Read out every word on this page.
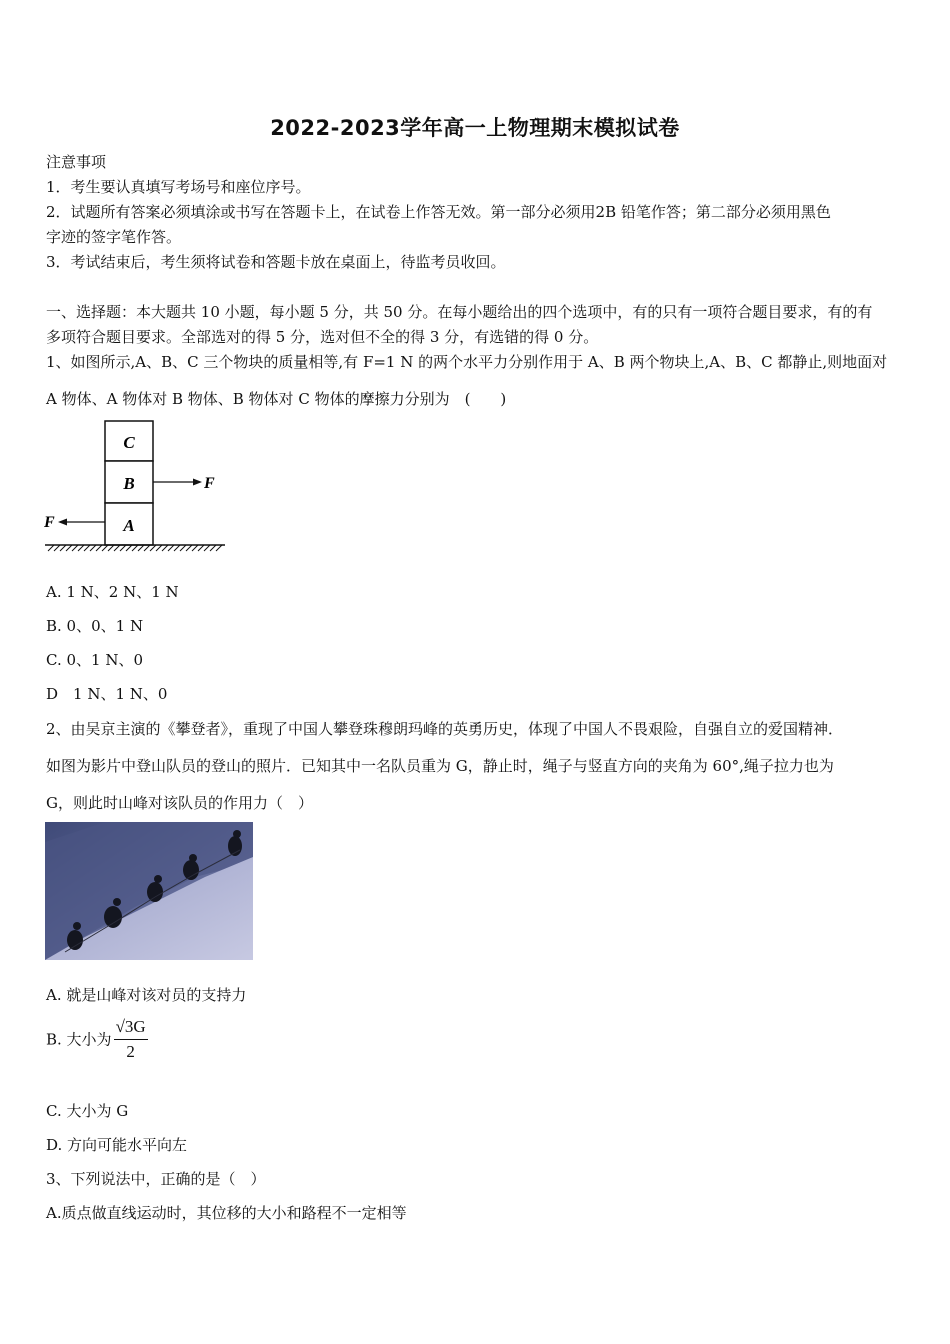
2022-2023学年高一上物理期末模拟试卷
注意事项
1．考生要认真填写考场号和座位序号。
2．试题所有答案必须填涂或书写在答题卡上，在试卷上作答无效。第一部分必须用2B 铅笔作答；第二部分必须用黑色
字迹的签字笔作答。
3．考试结束后，考生须将试卷和答题卡放在桌面上，待监考员收回。
一、选择题：本大题共 10 小题，每小题 5 分，共 50 分。在每小题给出的四个选项中，有的只有一项符合题目要求，有的有
多项符合题目要求。全部选对的得 5 分，选对但不全的得 3 分，有选错的得 0 分。
1、如图所示,A、B、C 三个物块的质量相等,有 F=1 N 的两个水平力分别作用于 A、B 两个物块上,A、B、C 都静止,则地面对
A 物体、A 物体对 B 物体、B 物体对 C 物体的摩擦力分别为　(　　)
C
B
A
F
F
A. 1 N、2 N、1 N
B. 0、0、1 N
C. 0、1 N、0
D　1 N、1 N、0
2、由吴京主演的《攀登者》，重现了中国人攀登珠穆朗玛峰的英勇历史，体现了中国人不畏艰险，自强自立的爱国精神．
如图为影片中登山队员的登山的照片．已知其中一名队员重为 G，静止时，绳子与竖直方向的夹角为 60°,绳子拉力也为
G，则此时山峰对该队员的作用力（　）
A. 就是山峰对该对员的支持力
B. 大小为 $\frac{√3G}{2}$
C. 大小为 G
D. 方向可能水平向左
3、下列说法中，正确的是（　）
A.质点做直线运动时，其位移的大小和路程不一定相等
